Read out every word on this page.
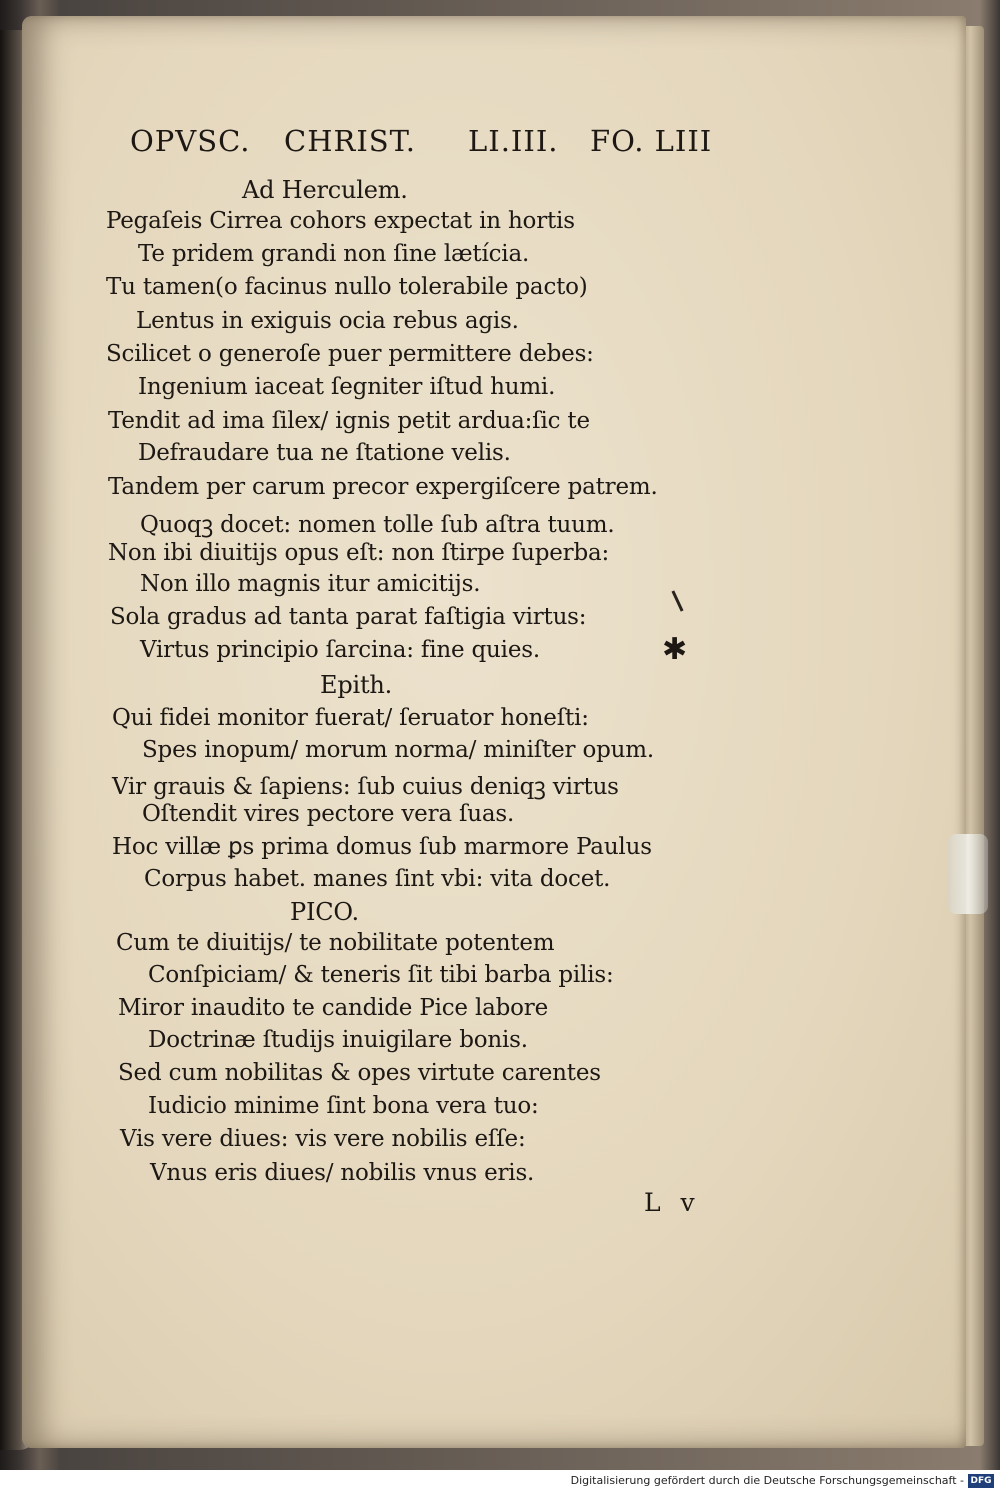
OPVSC. CHRIST. LI.III. FO. LIII
Ad Herculem.
Pegaſeis Cirrea cohors expectat in hortis
Te pridem grandi non ſine lætícia.
Tu tamen(o facinus nullo tolerabile pacto)
Lentus in exiguis ocia rebus agis.
Scilicet o generoſe puer permittere debes:
Ingenium iaceat ſegniter iſtud humi.
Tendit ad ima ſilex/ ignis petit ardua:ſic te
Defraudare tua ne ſtatione velis.
Tandem per carum precor expergiſcere patrem.
Quoqꝫ docet: nomen tolle ſub aſtra tuum.
Non ibi diuitijs opus eſt: non ſtirpe ſuperba:
Non illo magnis itur amicitijs.
Sola gradus ad tanta parat faſtigia virtus:
Virtus principio ſarcina: fine quies.
Epith.
Qui fidei monitor fuerat/ ſeruator honeſti:
Spes inopum/ morum norma/ miniſter opum.
Vir grauis & ſapiens: ſub cuius deniqꝫ virtus
Oſtendit vires pectore vera ſuas.
Hoc villæ ꝑs prima domus ſub marmore Paulus
Corpus habet. manes ſint vbi: vita docet.
PICO.
Cum te diuitijs/ te nobilitate potentem
Conſpiciam/ & teneris ſit tibi barba pilis:
Miror inaudito te candide Pice labore
Doctrinæ ſtudijs inuigilare bonis.
Sed cum nobilitas & opes virtute carentes
Iudicio minime ſint bona vera tuo:
Vis vere diues: vis vere nobilis eſſe:
Vnus eris diues/ nobilis vnus eris.
✱
L v
Digitalisierung gefördert durch die Deutsche Forschungsgemeinschaft - DFG
